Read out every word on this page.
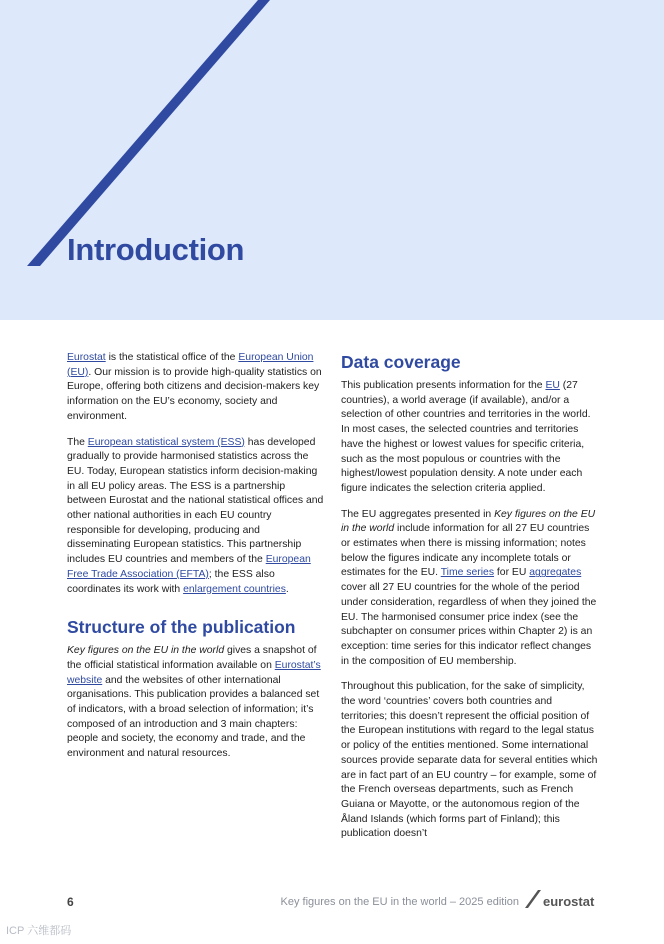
Introduction

Eurostat is the statistical office of the European Union (EU). Our mission is to provide high-quality statistics on Europe, offering both citizens and decision-makers key information on the EU’s economy, society and environment.

The European statistical system (ESS) has developed gradually to provide harmonised statistics across the EU. Today, European statistics inform decision-making in all EU policy areas. The ESS is a partnership between Eurostat and the national statistical offices and other national authorities in each EU country responsible for developing, producing and disseminating European statistics. This partnership includes EU countries and members of the European Free Trade Association (EFTA); the ESS also coordinates its work with enlargement countries.

Structure of the publication

Key figures on the EU in the world gives a snapshot of the official statistical information available on Eurostat’s website and the websites of other international organisations. This publication provides a balanced set of indicators, with a broad selection of information; it’s composed of an introduction and 3 main chapters: people and society, the economy and trade, and the environment and natural resources.

Data coverage

This publication presents information for the EU (27 countries), a world average (if available), and/or a selection of other countries and territories in the world. In most cases, the selected countries and territories have the highest or lowest values for specific criteria, such as the most populous or countries with the highest/lowest population density. A note under each figure indicates the selection criteria applied.

The EU aggregates presented in Key figures on the EU in the world include information for all 27 EU countries or estimates when there is missing information; notes below the figures indicate any incomplete totals or estimates for the EU. Time series for EU aggregates cover all 27 EU countries for the whole of the period under consideration, regardless of when they joined the EU. The harmonised consumer price index (see the subchapter on consumer prices within Chapter 2) is an exception: time series for this indicator reflect changes in the composition of EU membership.

Throughout this publication, for the sake of simplicity, the word ‘countries’ covers both countries and territories; this doesn’t represent the official position of the European institutions with regard to the legal status or policy of the entities mentioned. Some international sources provide separate data for several entities which are in fact part of an EU country – for example, some of the French overseas departments, such as French Guiana or Mayotte, or the autonomous region of the Åland Islands (which forms part of Finland); this publication doesn’t

6	Key figures on the EU in the world – 2025 edition eurostat
ICP 六维都码
